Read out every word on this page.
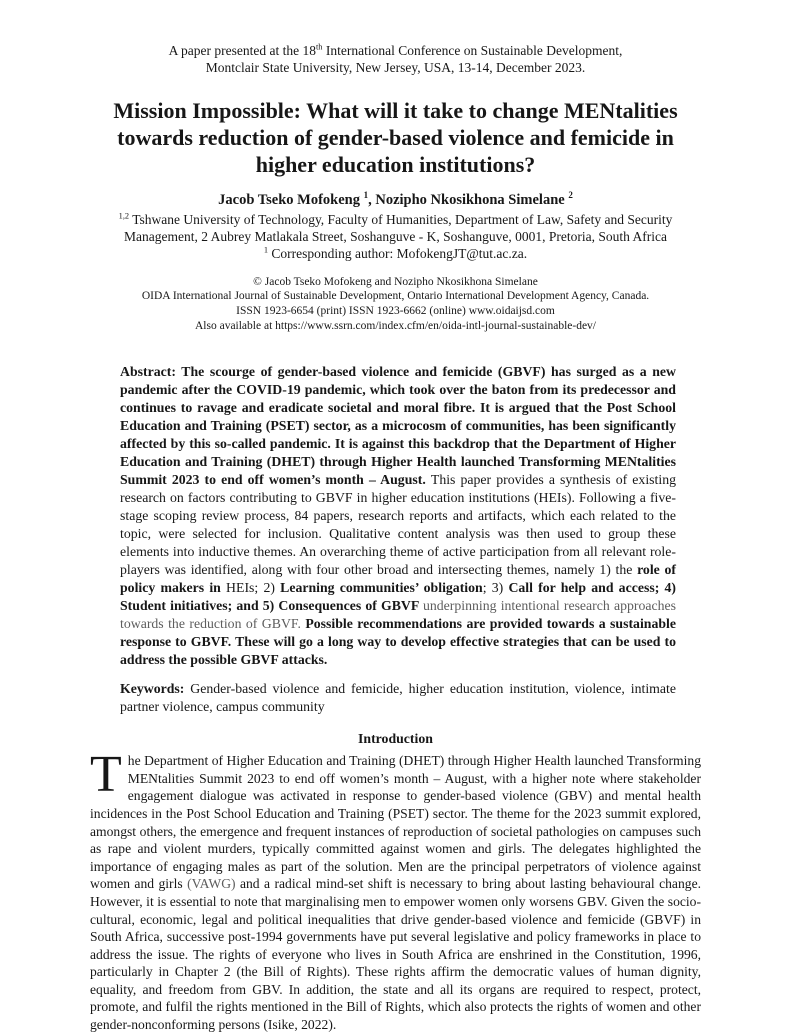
A paper presented at the 18th International Conference on Sustainable Development,
Montclair State University, New Jersey, USA, 13-14, December 2023.

Mission Impossible: What will it take to change MENtalities towards reduction of gender-based violence and femicide in higher education institutions?

Jacob Tseko Mofokeng $^1$, Nozipho Nkosikhona Simelane $^2$

$^{1,2}$ Tshwane University of Technology, Faculty of Humanities, Department of Law, Safety and Security Management, 2 Aubrey Matlakala Street, Soshanguve - K, Soshanguve, 0001, Pretoria, South Africa

$^1$ Corresponding author: MofokengJT@tut.ac.za.

© Jacob Tseko Mofokeng and Nozipho Nkosikhona Simelane
OIDA International Journal of Sustainable Development, Ontario International Development Agency, Canada.
ISSN 1923-6654 (print) ISSN 1923-6662 (online) www.oidaijsd.com
Also available at https://www.ssrn.com/index.cfm/en/oida-intl-journal-sustainable-dev/

Abstract: The scourge of gender-based violence and femicide (GBVF) has surged as a new pandemic after the COVID-19 pandemic, which took over the baton from its predecessor and continues to ravage and eradicate societal and moral fibre. It is argued that the Post School Education and Training (PSET) sector, as a microcosm of communities, has been significantly affected by this so-called pandemic. It is against this backdrop that the Department of Higher Education and Training (DHET) through Higher Health launched Transforming MENtalities Summit 2023 to end off women’s month – August. This paper provides a synthesis of existing research on factors contributing to GBVF in higher education institutions (HEIs). Following a five-stage scoping review process, 84 papers, research reports and artifacts, which each related to the topic, were selected for inclusion. Qualitative content analysis was then used to group these elements into inductive themes. An overarching theme of active participation from all relevant role-players was identified, along with four other broad and intersecting themes, namely 1) the role of policy makers in HEIs; 2) Learning communities’ obligation; 3) Call for help and access; 4) Student initiatives; and 5) Consequences of GBVF underpinning intentional research approaches towards the reduction of GBVF. Possible recommendations are provided towards a sustainable response to GBVF. These will go a long way to develop effective strategies that can be used to address the possible GBVF attacks.

Keywords: Gender-based violence and femicide, higher education institution, violence, intimate partner violence, campus community

Introduction

The Department of Higher Education and Training (DHET) through Higher Health launched Transforming MENtalities Summit 2023 to end off women’s month – August, with a higher note where stakeholder engagement dialogue was activated in response to gender-based violence (GBV) and mental health incidences in the Post School Education and Training (PSET) sector. The theme for the 2023 summit explored, amongst others, the emergence and frequent instances of reproduction of societal pathologies on campuses such as rape and violent murders, typically committed against women and girls. The delegates highlighted the importance of engaging males as part of the solution. Men are the principal perpetrators of violence against women and girls (VAWG) and a radical mind-set shift is necessary to bring about lasting behavioural change. However, it is essential to note that marginalising men to empower women only worsens GBV. Given the socio-cultural, economic, legal and political inequalities that drive gender-based violence and femicide (GBVF) in South Africa, successive post-1994 governments have put several legislative and policy frameworks in place to address the issue. The rights of everyone who lives in South Africa are enshrined in the Constitution, 1996, particularly in Chapter 2 (the Bill of Rights). These rights affirm the democratic values of human dignity, equality, and freedom from GBV. In addition, the state and all its organs are required to respect, protect, promote, and fulfil the rights mentioned in the Bill of Rights, which also protects the rights of women and other gender-nonconforming persons (Isike, 2022).
